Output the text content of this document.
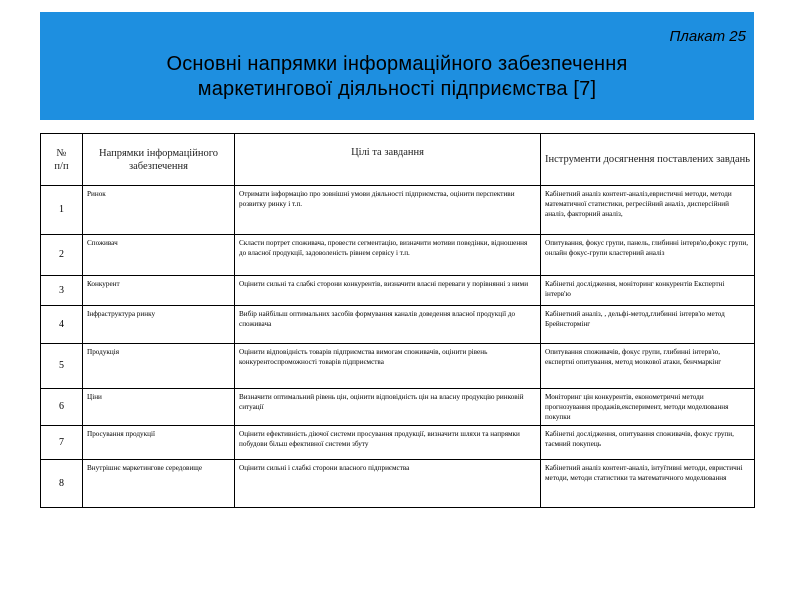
Плакат 25
Основні напрямки інформаційного забезпечення
маркетингової діяльності підприємства [7]
№
п/п	Напрямки інформаційного забезпечення	Цілі та завдання	Інструменти досягнення поставлених завдань
1	Ринок	Отримати інформацію про зовнішні умови діяльності підприємства, оцінити перспективи розвитку ринку і т.п.	Кабінетний аналіз контент-аналіз,евристичні методи, методи математичної статистики, регресійний аналіз, дисперсійний аналіз, факторний аналіз,
2	Споживач	Скласти портрет споживача, провести сегментацію, визначити мотиви поведінки, відношення до власної продукції, задоволеність рівнем сервісу і т.п.	Опитування, фокус групи, панель, глибинні інтерв'ю,фокус групи, онлайн фокус-групи кластерний аналіз
3	Конкурент	Оцінити сильні та слабкі сторони конкурентів, визначити власні переваги у порівнянні з ними	Кабінетні дослідження, моніторинг конкурентів Експертні інтерв'ю
4	Інфраструктура ринку	Вибір найбільш оптимальних засобів формування каналів доведення власної продукції до споживача	Кабінетний аналіз, , дельфі-метод,глибинні інтерв'ю метод Брейнстормінг
5	Продукція	Оцінити відповідність товарів підприємства вимогам споживачів, оцінити рівень конкурентоспроможності товарів підприємства	Опитування споживачів, фокус групи, глибинні інтерв'ю, експертні опитування, метод мозкової атаки, бенчмаркінг
6	Ціни	Визначити оптимальний рівень цін, оцінити відповідність цін на власну продукцію ринковій ситуації	Моніторинг цін конкурентів, економетричні методи прогнозування продажів,експеримент, методи моделювання покупки
7	Просування продукції	Оцінити ефективність діючої системи просування продукції, визначити шляхи та напрямки побудови більш ефективної системи збуту	Кабінетні дослідження, опитування споживачів, фокус групи, таємний покупець
8	Внутрішнє маркетингове середовище	Оцінити сильні і слабкі сторони власного підприємства	Кабінетний аналіз контент-аналіз, інтуїтивні методи, евристичні методи, методи статистики та математичного моделювання
